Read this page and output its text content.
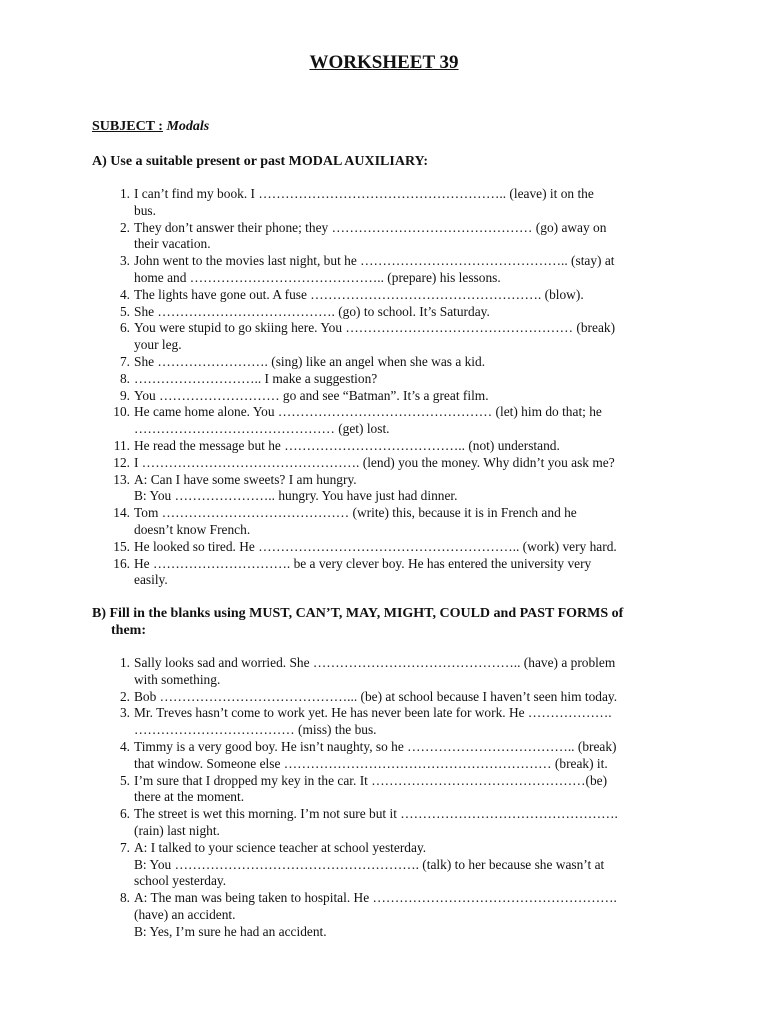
WORKSHEET 39
SUBJECT : Modals
A) Use a suitable present or past MODAL AUXILIARY:
1. I can’t find my book. I ……………………………………………….. (leave) it on the
bus.
2. They don’t answer their phone; they ……………………………………… (go) away on
their vacation.
3. John went to the movies last night, but he ……………………………………….. (stay) at
home and …………………………………….. (prepare) his lessons.
4. The lights have gone out. A fuse ……………………………………………. (blow).
5. She …………………………………. (go) to school. It’s Saturday.
6. You were stupid to go skiing here. You …………………………………………… (break)
your leg.
7. She ……………………. (sing) like an angel when she was a kid.
8. ……………………….. I make a suggestion?
9. You ……………………… go and see “Batman”. It’s a great film.
10. He came home alone. You ………………………………………… (let) him do that; he
……………………………………… (get) lost.
11. He read the message but he ………………………………….. (not) understand.
12. I …………………………………………. (lend) you the money. Why didn’t you ask me?
13. A: Can I have some sweets? I am hungry.
B: You ………………….. hungry. You have just had dinner.
14. Tom …………………………………… (write) this, because it is in French and he
doesn’t know French.
15. He looked so tired. He ………………………………………………….. (work) very hard.
16. He …………………………. be a very clever boy. He has entered the university very
easily.
B) Fill in the blanks using MUST, CAN’T, MAY, MIGHT, COULD and PAST FORMS of
them:
1. Sally looks sad and worried. She ……………………………………….. (have) a problem
with something.
2. Bob ……………………………………... (be) at school because I haven’t seen him today.
3. Mr. Treves hasn’t come to work yet. He has never been late for work. He ……………….
……………………………… (miss) the bus.
4. Timmy is a very good boy. He isn’t naughty, so he ……………………………….. (break)
that window. Someone else …………………………………………………… (break) it.
5. I’m sure that I dropped my key in the car. It …………………………………………(be)
there at the moment.
6. The street is wet this morning. I’m not sure but it ………………………………………….
(rain) last night.
7. A: I talked to your science teacher at school yesterday.
B: You ………………………………………………. (talk) to her because she wasn’t at
school yesterday.
8. A: The man was being taken to hospital. He ……………………………………………….
(have) an accident.
B: Yes, I’m sure he had an accident.
